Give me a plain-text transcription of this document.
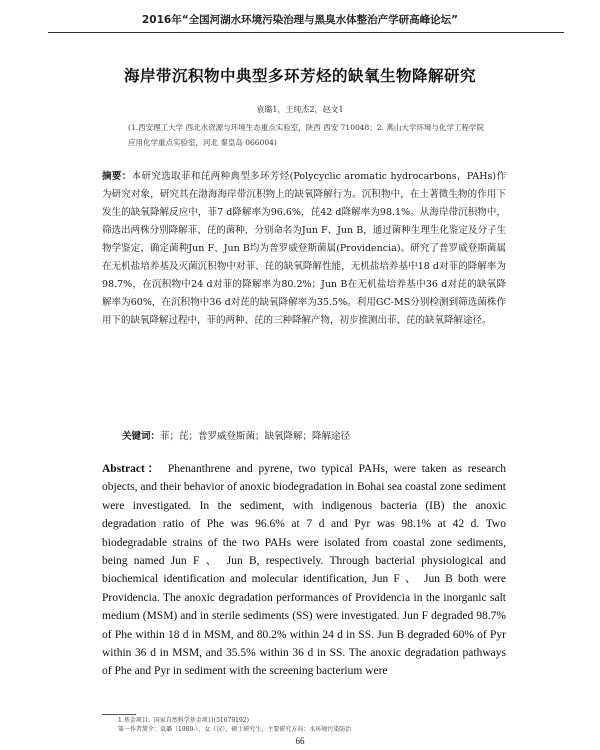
2016年“全国河湖水环境污染治理与黑臭水体整治产学研高峰论坛”
海岸带沉积物中典型多环芳烃的缺氧生物降解研究
袁璐1，王纯杰2，赵文1
(1.西安理工大学 西北水资源与环境生态重点实验室，陕西 西安 710048；2. 燕山大学环境与化学工程学院 应用化学重点实验室，河北 秦皇岛 066004)
摘要：本研究选取菲和芘两种典型多环芳烃(Polycyclic aromatic hydrocarbons，PAHs)作为研究对象，研究其在渤海海岸带沉积物上的缺氧降解行为。沉积物中，在土著微生物的作用下发生的缺氧降解反应中，菲7 d降解率为96.6%，芘42 d降解率为98.1%。从海岸带沉积物中，筛选出两株分别降解菲、芘的菌种，分别命名为Jun F、Jun B，通过菌种生理生化鉴定及分子生物学鉴定，确定菌种Jun F、Jun B均为普罗威登斯菌属(Providencia)。研究了普罗威登斯菌属在无机盐培养基及灭菌沉积物中对菲、芘的缺氧降解性能，无机盐培养基中18 d对菲的降解率为98.7%，在沉积物中24 d对菲的降解率为80.2%；Jun B在无机盐培养基中36 d对芘的缺氧降解率为60%，在沉积物中36 d对芘的缺氧降解率为35.5%。利用GC-MS分别检测到筛选菌株作用下的缺氧降解过程中，菲的两种、芘的三种降解产物，初步推测出菲、芘的缺氧降解途径。
关键词：菲；芘；普罗威登斯菌；缺氧降解；降解途径
Abstract： Phenanthrene and pyrene, two typical PAHs, were taken as research objects, and their behavior of anoxic biodegradation in Bohai sea coastal zone sediment were investigated. In the sediment, with indigenous bacteria (IB) the anoxic degradation ratio of Phe was 96.6% at 7 d and Pyr was 98.1% at 42 d. Two biodegradable strains of the two PAHs were isolated from coastal zone sediments, being named Jun F 、 Jun B, respectively. Through bacterial physiological and biochemical identification and molecular identification, Jun F 、 Jun B both were Providencia. The anoxic degradation performances of Providencia in the inorganic salt medium (MSM) and in sterile sediments (SS) were investigated. Jun F degraded 98.7% of Phe within 18 d in MSM, and 80.2% within 24 d in SS. Jun B degraded 60% of Pyr within 36 d in MSM, and 35.5% within 36 d in SS. The anoxic degradation pathways of Phe and Pyr in sediment with the screening bacterium were
1 基金项目：国家自然科学基金项目(51679192)
第一作者简介：袁璐（1989-），女（汉），硕士研究生，主要研究方向：水环境污染防治
66
